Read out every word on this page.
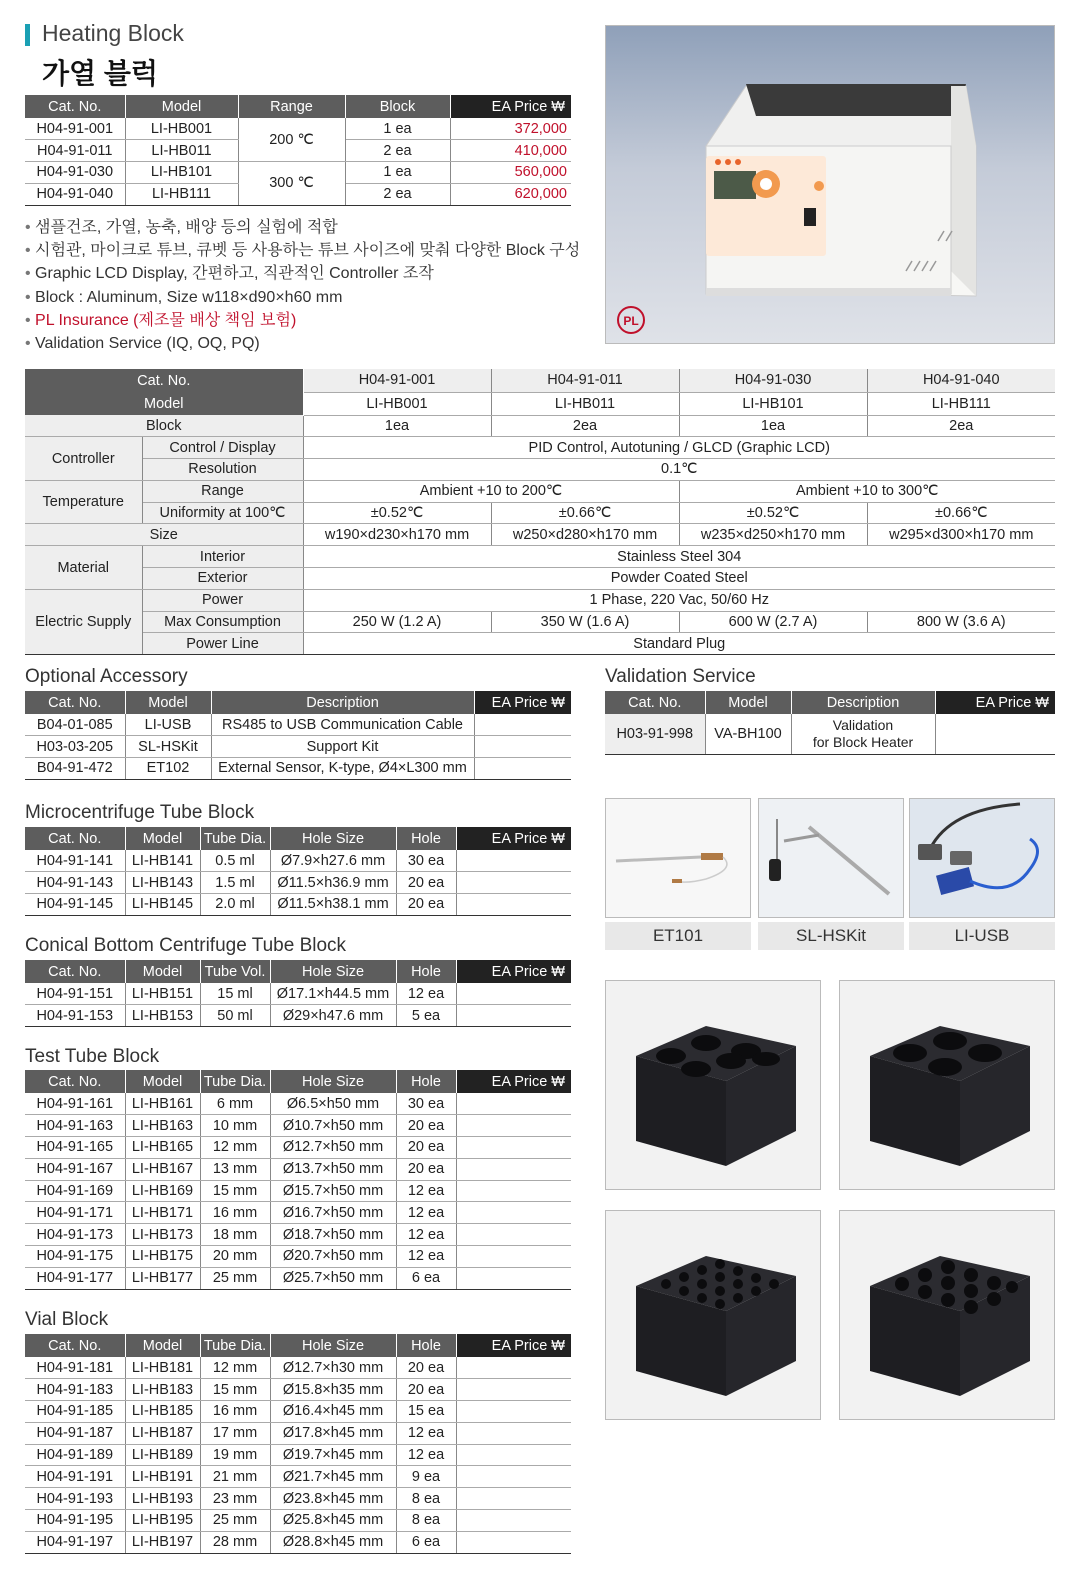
Heating Block
가열 블럭
Cat. No.	Model	Range	Block	EA Price ₩
H04-91-001	LI-HB001	200 ℃	1 ea	372,000
H04-91-011	LI-HB011		2 ea	410,000
H04-91-030	LI-HB101	300 ℃	1 ea	560,000
H04-91-040	LI-HB111		2 ea	620,000
• 샘플건조, 가열, 농축, 배양 등의 실험에 적합
• 시험관, 마이크로 튜브, 큐벳 등 사용하는 튜브 사이즈에 맞춰 다양한 Block 구성
• Graphic LCD Display, 간편하고, 직관적인 Controller 조작
• Block : Aluminum, Size w118×d90×h60 mm
• PL Insurance (제조물 배상 책임 보험)
• Validation Service (IQ, OQ, PQ)
PL
Cat. No.		H04-91-001	H04-91-011	H04-91-030	H04-91-040
Model		LI-HB001	LI-HB011	LI-HB101	LI-HB111
Block		1ea	2ea	1ea	2ea
Controller	Control / Display	PID Control, Autotuning / GLCD (Graphic LCD)			
	Resolution	0.1℃			
Temperature	Range	Ambient +10 to 200℃		Ambient +10 to 300℃	
	Uniformity at 100℃	±0.52℃	±0.66℃	±0.52℃	±0.66℃
Size		w190×d230×h170 mm	w250×d280×h170 mm	w235×d250×h170 mm	w295×d300×h170 mm
Material	Interior	Stainless Steel 304			
	Exterior	Powder Coated Steel			
Electric Supply	Power	1 Phase, 220 Vac, 50/60 Hz			
	Max Consumption	250 W (1.2 A)	350 W (1.6 A)	600 W (2.7 A)	800 W (3.6 A)
	Power Line	Standard Plug			
Optional Accessory
Cat. No.	Model	Description	EA Price ₩
B04-01-085	LI-USB	RS485 to USB Communication Cable	
H03-03-205	SL-HSKit	Support Kit	
B04-91-472	ET102	External Sensor, K-type, Ø4×L300 mm	
Validation Service
Cat. No.	Model	Description	EA Price ₩
H03-91-998	VA-BH100	Validation
for Block Heater	

Microcentrifuge Tube Block
Cat. No.	Model	Tube Dia.	Hole Size	Hole	EA Price ₩
H04-91-141	LI-HB141	0.5 ml	Ø7.9×h27.6 mm	30 ea	
H04-91-143	LI-HB143	1.5 ml	Ø11.5×h36.9 mm	20 ea	
H04-91-145	LI-HB145	2.0 ml	Ø11.5×h38.1 mm	20 ea	
Conical Bottom Centrifuge Tube Block
Cat. No.	Model	Tube Vol.	Hole Size	Hole	EA Price ₩
H04-91-151	LI-HB151	15 ml	Ø17.1×h44.5 mm	12 ea	
H04-91-153	LI-HB153	50 ml	Ø29×h47.6 mm	5 ea	
Test Tube Block
Cat. No.	Model	Tube Dia.	Hole Size	Hole	EA Price ₩
H04-91-161	LI-HB161	6 mm	Ø6.5×h50 mm	30 ea	
H04-91-163	LI-HB163	10 mm	Ø10.7×h50 mm	20 ea	
H04-91-165	LI-HB165	12 mm	Ø12.7×h50 mm	20 ea	
H04-91-167	LI-HB167	13 mm	Ø13.7×h50 mm	20 ea	
H04-91-169	LI-HB169	15 mm	Ø15.7×h50 mm	12 ea	
H04-91-171	LI-HB171	16 mm	Ø16.7×h50 mm	12 ea	
H04-91-173	LI-HB173	18 mm	Ø18.7×h50 mm	12 ea	
H04-91-175	LI-HB175	20 mm	Ø20.7×h50 mm	12 ea	
H04-91-177	LI-HB177	25 mm	Ø25.7×h50 mm	6 ea	
Vial Block
Cat. No.	Model	Tube Dia.	Hole Size	Hole	EA Price ₩
H04-91-181	LI-HB181	12 mm	Ø12.7×h30 mm	20 ea	
H04-91-183	LI-HB183	15 mm	Ø15.8×h35 mm	20 ea	
H04-91-185	LI-HB185	16 mm	Ø16.4×h45 mm	15 ea	
H04-91-187	LI-HB187	17 mm	Ø17.8×h45 mm	12 ea	
H04-91-189	LI-HB189	19 mm	Ø19.7×h45 mm	12 ea	
H04-91-191	LI-HB191	21 mm	Ø21.7×h45 mm	9 ea	
H04-91-193	LI-HB193	23 mm	Ø23.8×h45 mm	8 ea	
H04-91-195	LI-HB195	25 mm	Ø25.8×h45 mm	8 ea	
H04-91-197	LI-HB197	28 mm	Ø28.8×h45 mm	6 ea	
ET101	SL-HSKit	LI-USB
